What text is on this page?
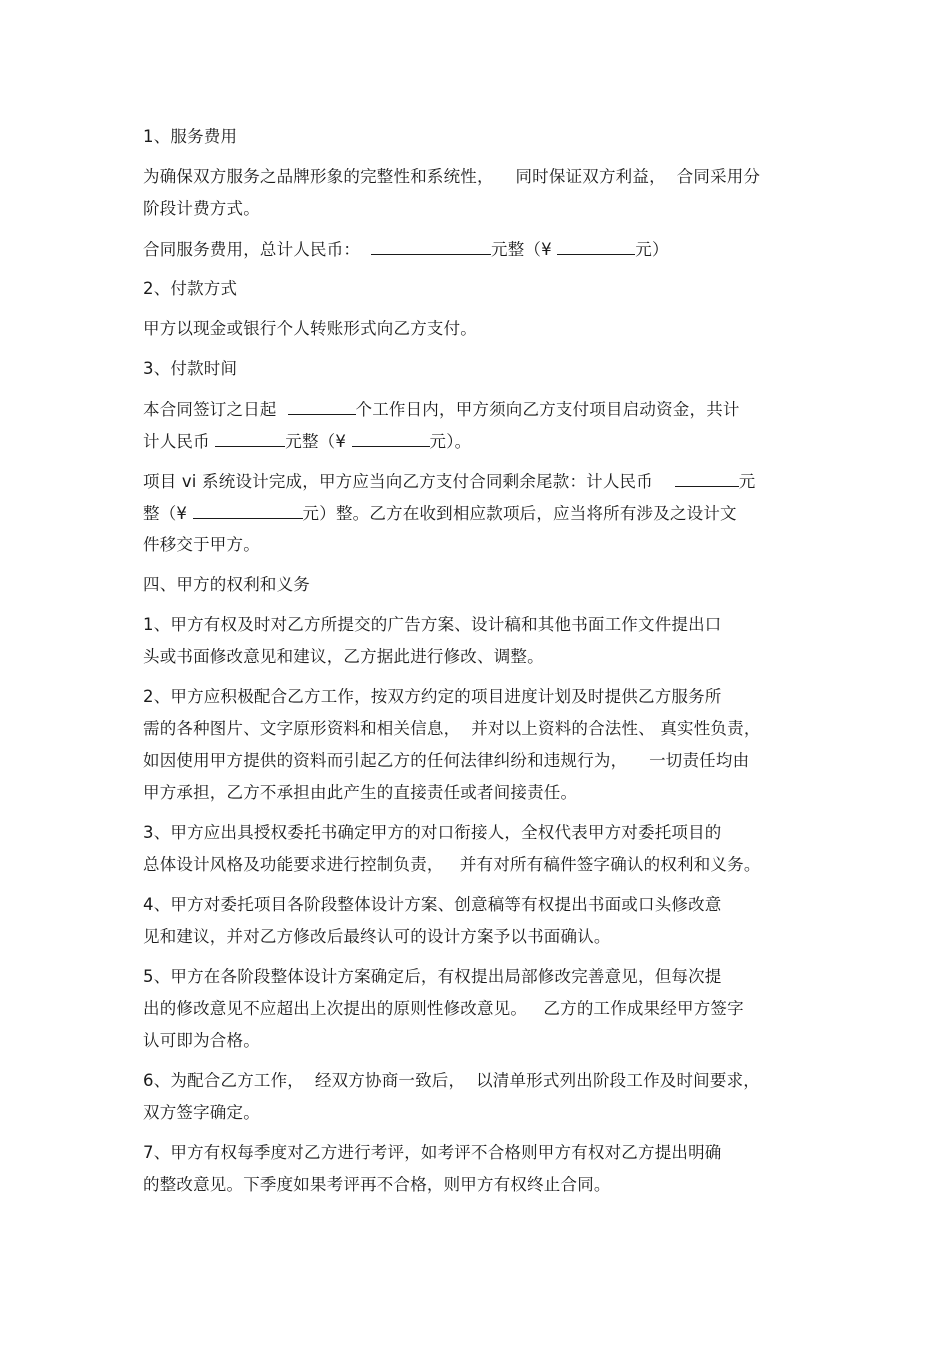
1、服务费用

为确保双方服务之品牌形象的完整性和系统性，    同时保证双方利益，  合同采用分

阶段计费方式。

合同服务费用，总计人民币：	元整（¥	元）

2、付款方式

甲方以现金或银行个人转账形式向乙方支付。

3、付款时间

本合同签订之日起	个工作日内，甲方须向乙方支付项目启动资金，共计

计人民币	元整（¥	元）。

项目 vi 系统设计完成，甲方应当向乙方支付合同剩余尾款：计人民币	元

整（¥	元）整。乙方在收到相应款项后，应当将所有涉及之设计文

件移交于甲方。

四、甲方的权利和义务

1、甲方有权及时对乙方所提交的广告方案、设计稿和其他书面工作文件提出口

头或书面修改意见和建议，乙方据此进行修改、调整。

2、甲方应积极配合乙方工作，按双方约定的项目进度计划及时提供乙方服务所

需的各种图片、文字原形资料和相关信息，  并对以上资料的合法性、 真实性负责，

如因使用甲方提供的资料而引起乙方的任何法律纠纷和违规行为，    一切责任均由

甲方承担，乙方不承担由此产生的直接责任或者间接责任。

3、甲方应出具授权委托书确定甲方的对口衔接人，全权代表甲方对委托项目的

总体设计风格及功能要求进行控制负责，   并有对所有稿件签字确认的权利和义务。

4、甲方对委托项目各阶段整体设计方案、创意稿等有权提出书面或口头修改意

见和建议，并对乙方修改后最终认可的设计方案予以书面确认。

5、甲方在各阶段整体设计方案确定后，有权提出局部修改完善意见，但每次提

出的修改意见不应超出上次提出的原则性修改意见。   乙方的工作成果经甲方签字

认可即为合格。

6、为配合乙方工作，  经双方协商一致后，  以清单形式列出阶段工作及时间要求，

双方签字确定。

7、甲方有权每季度对乙方进行考评，如考评不合格则甲方有权对乙方提出明确

的整改意见。下季度如果考评再不合格，则甲方有权终止合同。
